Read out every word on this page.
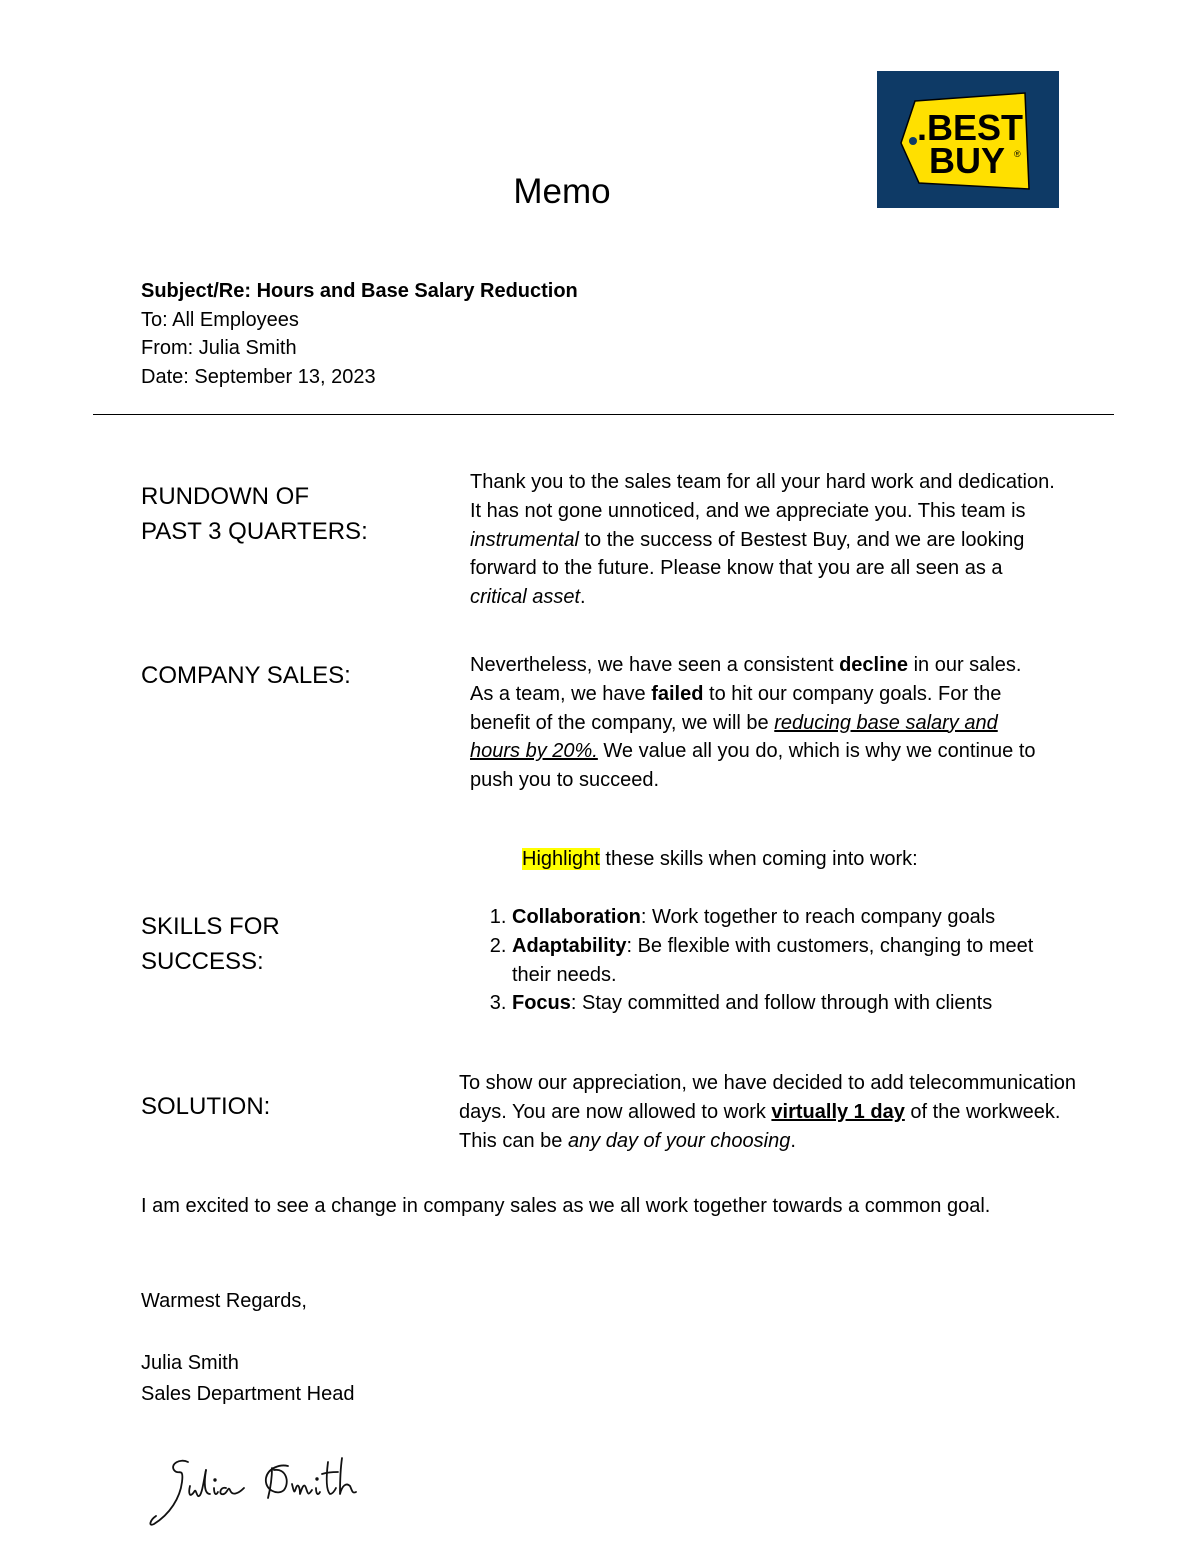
.BEST
BUY ®
Memo
Subject/Re: Hours and Base Salary Reduction
To: All Employees
From: Julia Smith
Date: September 13, 2023
RUNDOWN OF
PAST 3 QUARTERS:
Thank you to the sales team for all your hard work and dedication. It has not gone unnoticed, and we appreciate you. This team is instrumental to the success of Bestest Buy, and we are looking forward to the future. Please know that you are all seen as a critical asset.
COMPANY SALES:	Nevertheless, we have seen a consistent decline in our sales. As a team, we have failed to hit our company goals. For the benefit of the company, we will be reducing base salary and hours by 20%. We value all you do, which is why we continue to push you to succeed.
Highlight these skills when coming into work:
SKILLS FOR
SUCCESS:
1. Collaboration: Work together to reach company goals
2. Adaptability: Be flexible with customers, changing to meet their needs.
3. Focus: Stay committed and follow through with clients
SOLUTION:
To show our appreciation, we have decided to add telecommunication days. You are now allowed to work virtually 1 day of the workweek. This can be any day of your choosing.
I am excited to see a change in company sales as we all work together towards a common goal.
Warmest Regards,
Julia Smith
Sales Department Head
